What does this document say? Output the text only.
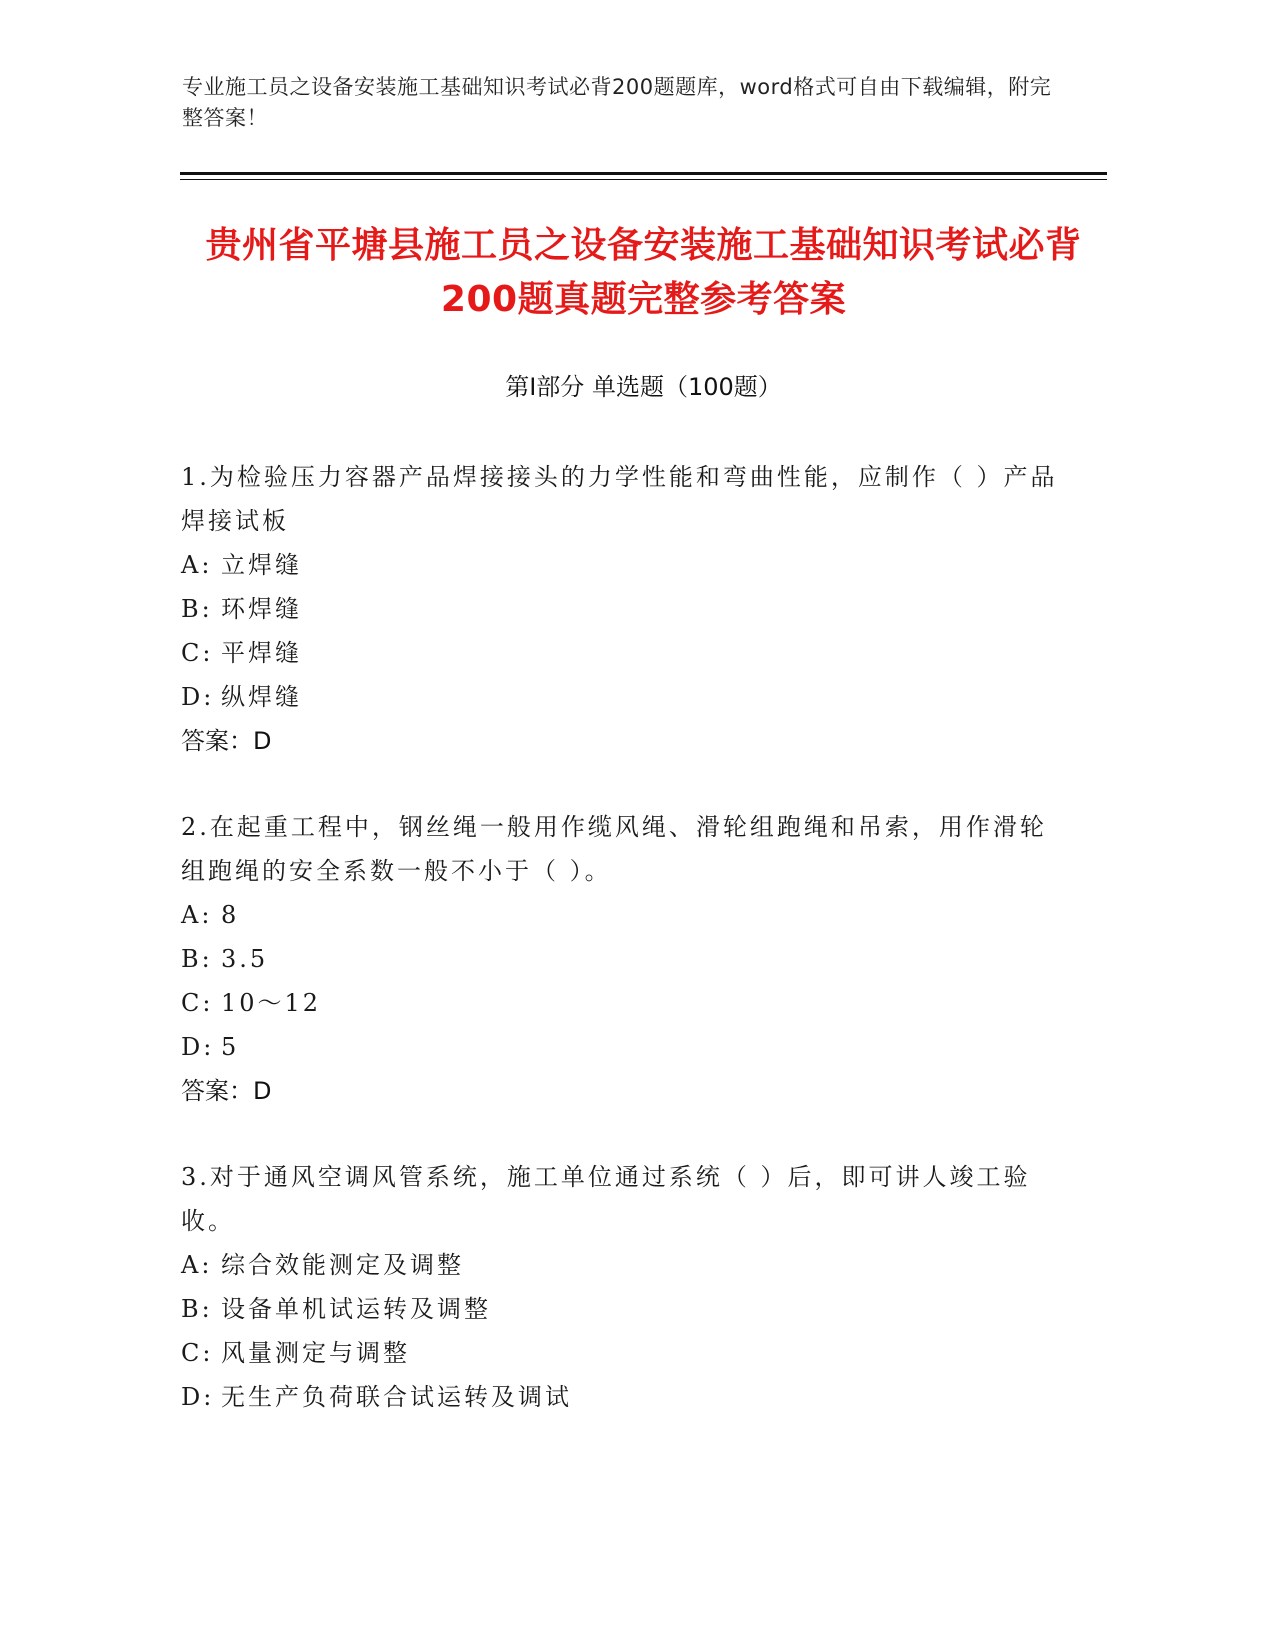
专业施工员之设备安装施工基础知识考试必背200题题库，word格式可自由下载编辑，附完整答案！
贵州省平塘县施工员之设备安装施工基础知识考试必背200题真题完整参考答案
第Ⅰ部分 单选题（100题）
1.为检验压力容器产品焊接接头的力学性能和弯曲性能，应制作（ ）产品焊接试板
A: 立焊缝
B: 环焊缝
C: 平焊缝
D: 纵焊缝
答案：D
2.在起重工程中，钢丝绳一般用作缆风绳、滑轮组跑绳和吊索，用作滑轮组跑绳的安全系数一般不小于（ ）。
A: 8
B: 3.5
C: 10～12
D: 5
答案：D
3.对于通风空调风管系统，施工单位通过系统（ ）后，即可讲人竣工验收。
A: 综合效能测定及调整
B: 设备单机试运转及调整
C: 风量测定与调整
D: 无生产负荷联合试运转及调试
